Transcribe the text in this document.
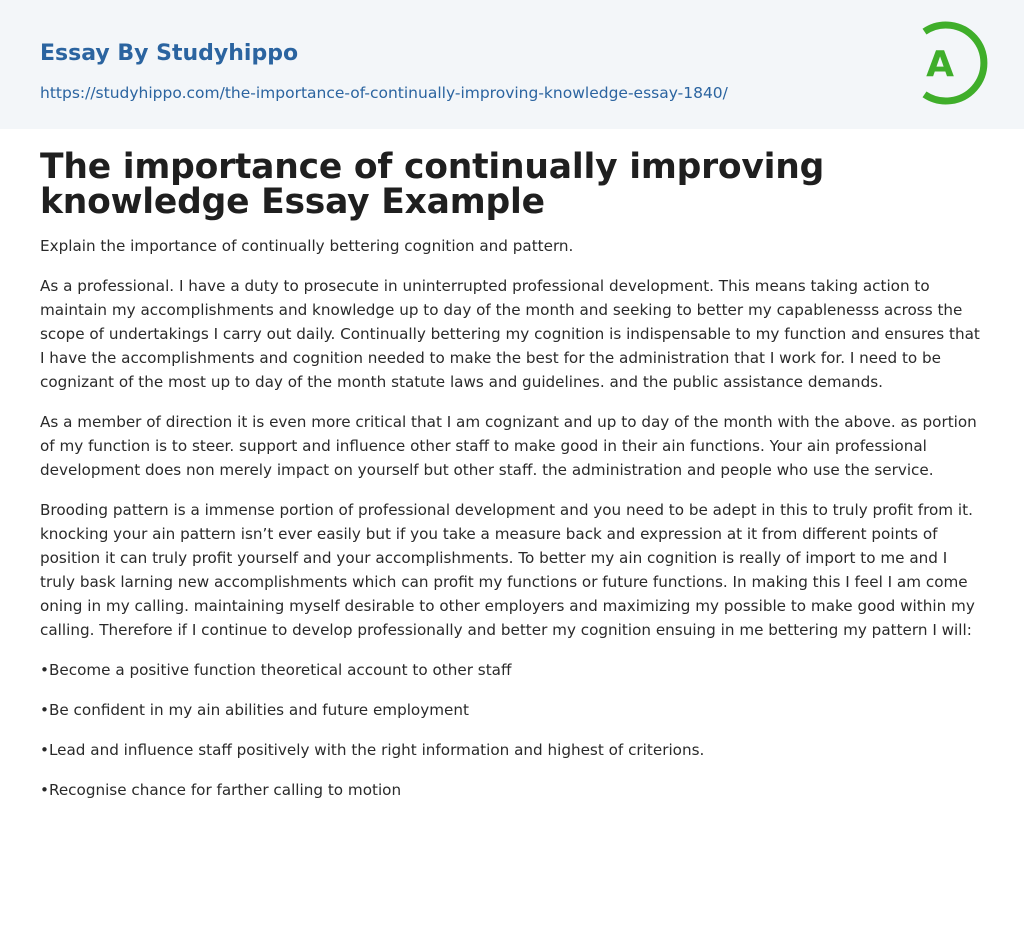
Essay By Studyhippo
https://studyhippo.com/the-importance-of-continually-improving-knowledge-essay-1840/
A
The importance of continually improving knowledge Essay Example

Explain the importance of continually bettering cognition and pattern.

As a professional. I have a duty to prosecute in uninterrupted professional development. This means taking action to maintain my accomplishments and knowledge up to day of the month and seeking to better my capablenesss across the scope of undertakings I carry out daily. Continually bettering my cognition is indispensable to my function and ensures that I have the accomplishments and cognition needed to make the best for the administration that I work for. I need to be cognizant of the most up to day of the month statute laws and guidelines. and the public assistance demands.

As a member of direction it is even more critical that I am cognizant and up to day of the month with the above. as portion of my function is to steer. support and influence other staff to make good in their ain functions. Your ain professional development does non merely impact on yourself but other staff. the administration and people who use the service.

Brooding pattern is a immense portion of professional development and you need to be adept in this to truly profit from it. knocking your ain pattern isn’t ever easily but if you take a measure back and expression at it from different points of position it can truly profit yourself and your accomplishments. To better my ain cognition is really of import to me and I truly bask larning new accomplishments which can profit my functions or future functions. In making this I feel I am come oning in my calling. maintaining myself desirable to other employers and maximizing my possible to make good within my calling. Therefore if I continue to develop professionally and better my cognition ensuing in me bettering my pattern I will:

•Become a positive function theoretical account to other staff

•Be confident in my ain abilities and future employment

•Lead and influence staff positively with the right information and highest of criterions.

•Recognise chance for farther calling to motion
